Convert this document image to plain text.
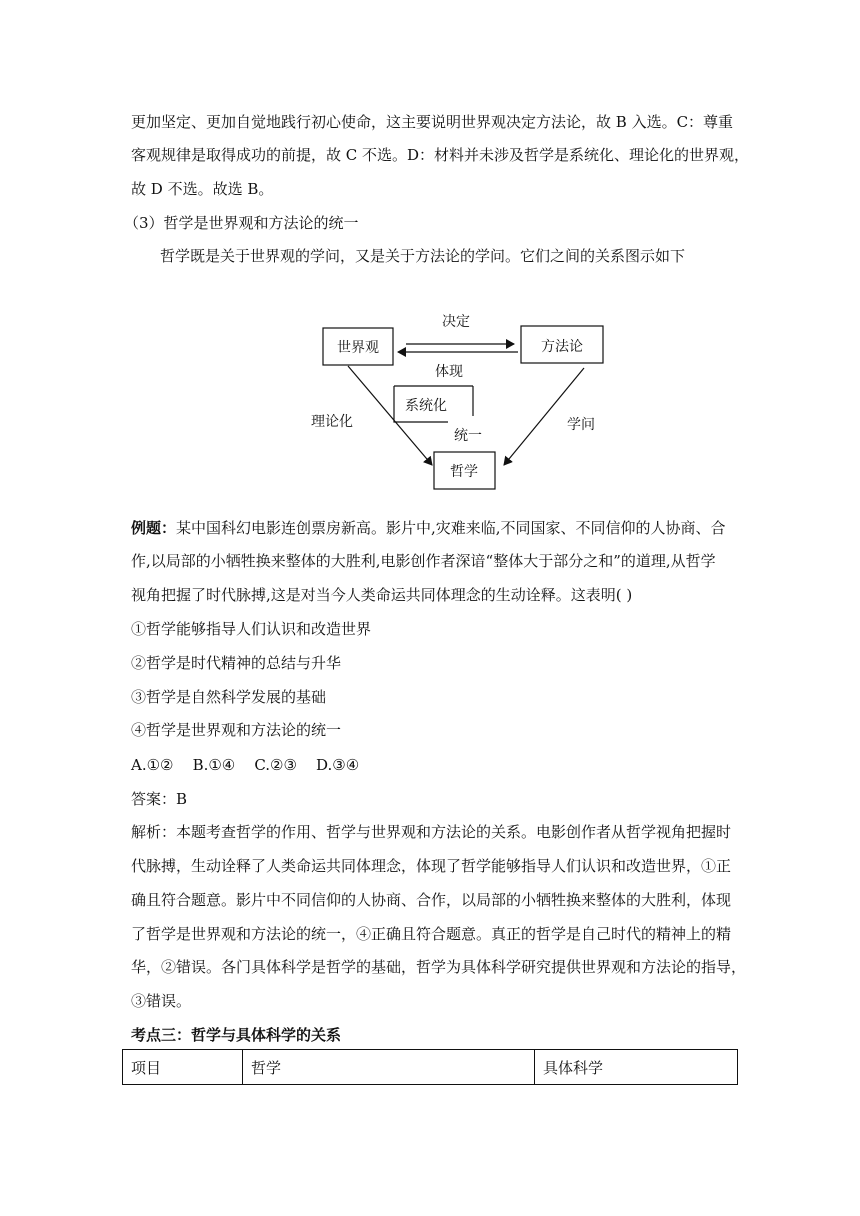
更加坚定、更加自觉地践行初心使命，这主要说明世界观决定方法论，故 B 入选。C：尊重
客观规律是取得成功的前提，故 C 不选。D：材料并未涉及哲学是系统化、理论化的世界观，
故 D 不选。故选 B。
（3）哲学是世界观和方法论的统一
哲学既是关于世界观的学问，又是关于方法论的学问。它们之间的关系图示如下
世界观	方法论
哲学
系统化
决定
体现
理论化	学问
统一
例题：某中国科幻电影连创票房新高。影片中,灾难来临,不同国家、不同信仰的人协商、合
作,以局部的小牺牲换来整体的大胜利,电影创作者深谙“整体大于部分之和”的道理,从哲学
视角把握了时代脉搏,这是对当今人类命运共同体理念的生动诠释。这表明( )
①哲学能够指导人们认识和改造世界
②哲学是时代精神的总结与升华
③哲学是自然科学发展的基础
④哲学是世界观和方法论的统一
A.①②    B.①④    C.②③    D.③④
答案：B
解析：本题考查哲学的作用、哲学与世界观和方法论的关系。电影创作者从哲学视角把握时
代脉搏，生动诠释了人类命运共同体理念，体现了哲学能够指导人们认识和改造世界，①正
确且符合题意。影片中不同信仰的人协商、合作，以局部的小牺牲换来整体的大胜利，体现
了哲学是世界观和方法论的统一，④正确且符合题意。真正的哲学是自己时代的精神上的精
华，②错误。各门具体科学是哲学的基础，哲学为具体科学研究提供世界观和方法论的指导，
③错误。
考点三：哲学与具体科学的关系
项目	哲学	具体科学
